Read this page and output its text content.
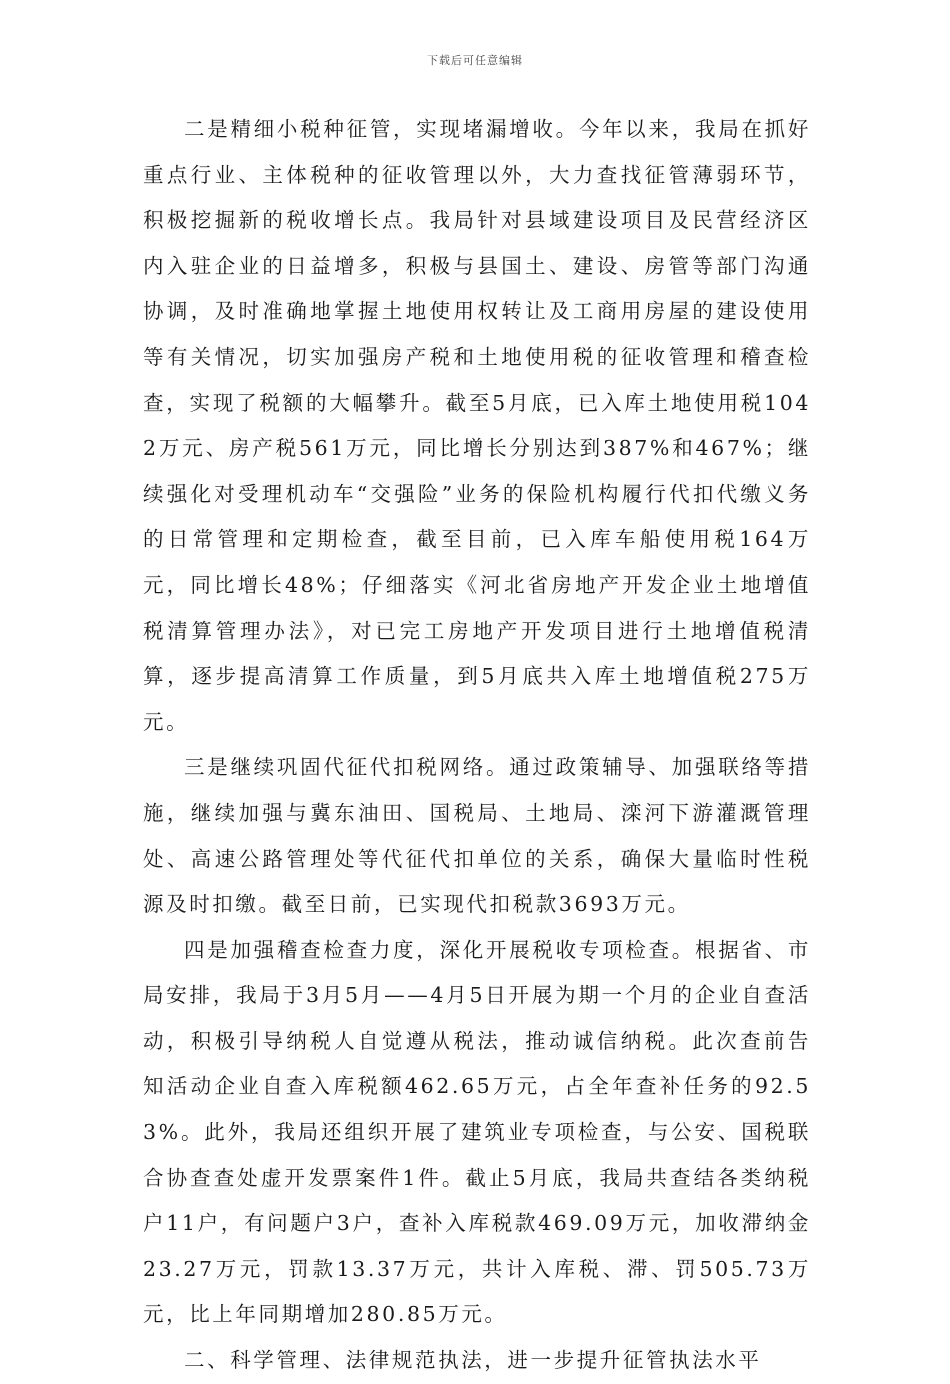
下载后可任意编辑

二是精细小税种征管，实现堵漏增收。今年以来，我局在抓好重点行业、主体税种的征收管理以外，大力查找征管薄弱环节，积极挖掘新的税收增长点。我局针对县域建设项目及民营经济区内入驻企业的日益增多，积极与县国土、建设、房管等部门沟通协调，及时准确地掌握土地使用权转让及工商用房屋的建设使用等有关情况，切实加强房产税和土地使用税的征收管理和稽查检查，实现了税额的大幅攀升。截至5月底，已入库土地使用税1042万元、房产税561万元，同比增长分别达到387%和467%；继续强化对受理机动车“交强险”业务的保险机构履行代扣代缴义务的日常管理和定期检查，截至目前，已入库车船使用税164万元，同比增长48%；仔细落实《河北省房地产开发企业土地增值税清算管理办法》，对已完工房地产开发项目进行土地增值税清算，逐步提高清算工作质量，到5月底共入库土地增值税275万元。

三是继续巩固代征代扣税网络。通过政策辅导、加强联络等措施，继续加强与冀东油田、国税局、土地局、滦河下游灌溉管理处、高速公路管理处等代征代扣单位的关系，确保大量临时性税源及时扣缴。截至日前，已实现代扣税款3693万元。

四是加强稽查检查力度，深化开展税收专项检查。根据省、市局安排，我局于3月5月——4月5日开展为期一个月的企业自查活动，积极引导纳税人自觉遵从税法，推动诚信纳税。此次查前告知活动企业自查入库税额462.65万元，占全年查补任务的92.53%。此外，我局还组织开展了建筑业专项检查，与公安、国税联合协查查处虚开发票案件1件。截止5月底，我局共查结各类纳税户11户，有问题户3户，查补入库税款469.09万元，加收滞纳金23.27万元，罚款13.37万元，共计入库税、滞、罚505.73万元，比上年同期增加280.85万元。

二、科学管理、法律规范执法，进一步提升征管执法水平
